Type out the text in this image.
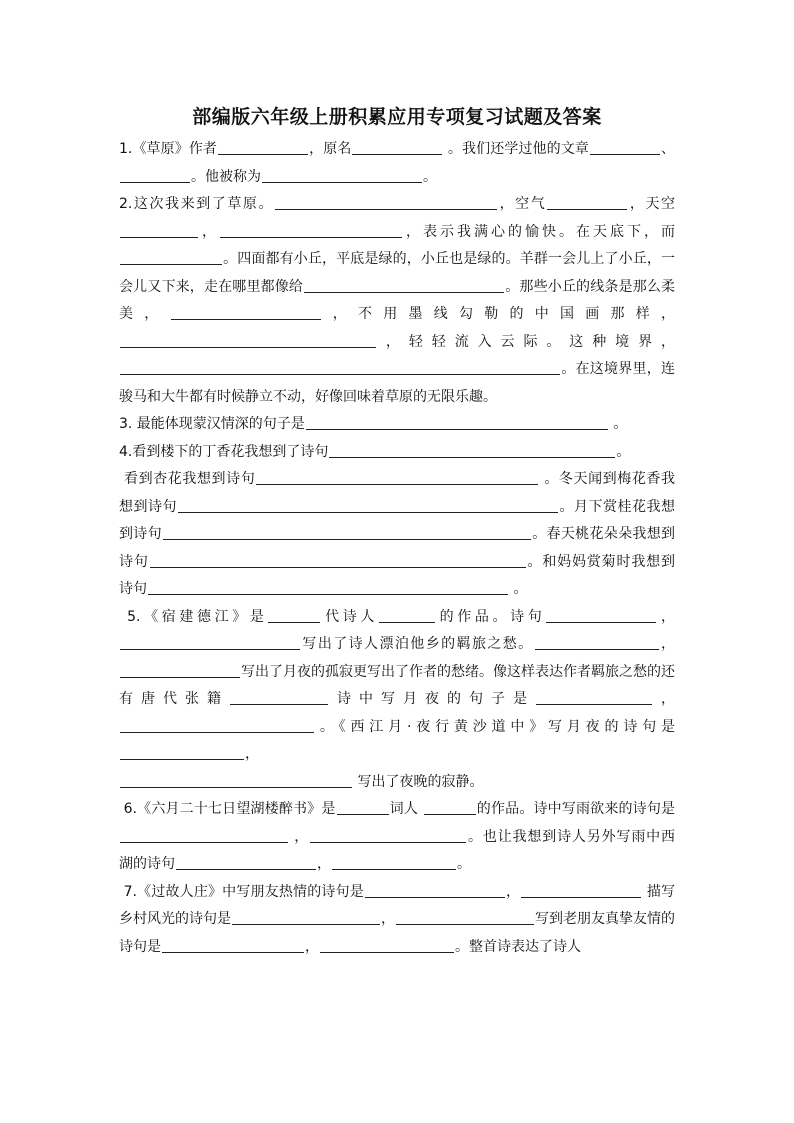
部编版六年级上册积累应用专项复习试题及答案

1.《草原》作者	，原名	。我们还学过他的文章	、。他被称为	。

2.这次我来到了草原。	，空气	，天空，	，表示我满心的愉快。在天底下，而。四面都有小丘，平底是绿的，小丘也是绿的。羊群一会儿上了小丘，一会儿又下来，走在哪里都像给	。那些小丘的线条是那么柔美，	，不用墨线勾勒的中国画那样，，轻轻流入云际。这种境界，。在这境界里，连骏马和大牛都有时候静立不动，好像回味着草原的无限乐趣。

3. 最能体现蒙汉情深的句子是	。

4.看到楼下的丁香花我想到了诗句	。

看到杏花我想到诗句	。冬天闻到梅花香我想到诗句	。月下赏桂花我想到诗句	。春天桃花朵朵我想到诗句	。和妈妈赏菊时我想到诗句	。

5.《宿建德江》是	代诗人	的作品。诗句	，写出了诗人漂泊他乡的羁旅之愁。	，写出了月夜的孤寂更写出了作者的愁绪。像这样表达作者羁旅之愁的还有唐代张籍	诗中写月夜的句子是	，。《西江月·夜行黄沙道中》写月夜的诗句是，

写出了夜晚的寂静。

6.《六月二十七日望湖楼醉书》是	词人	的作品。诗中写雨欲来的诗句是  ，	。也让我想到诗人另外写雨中西湖的诗句	，	。

7.《过故人庄》中写朋友热情的诗句是	，	描写乡村风光的诗句是	，	写到老朋友真挚友情的诗句是	，	。整首诗表达了诗人
